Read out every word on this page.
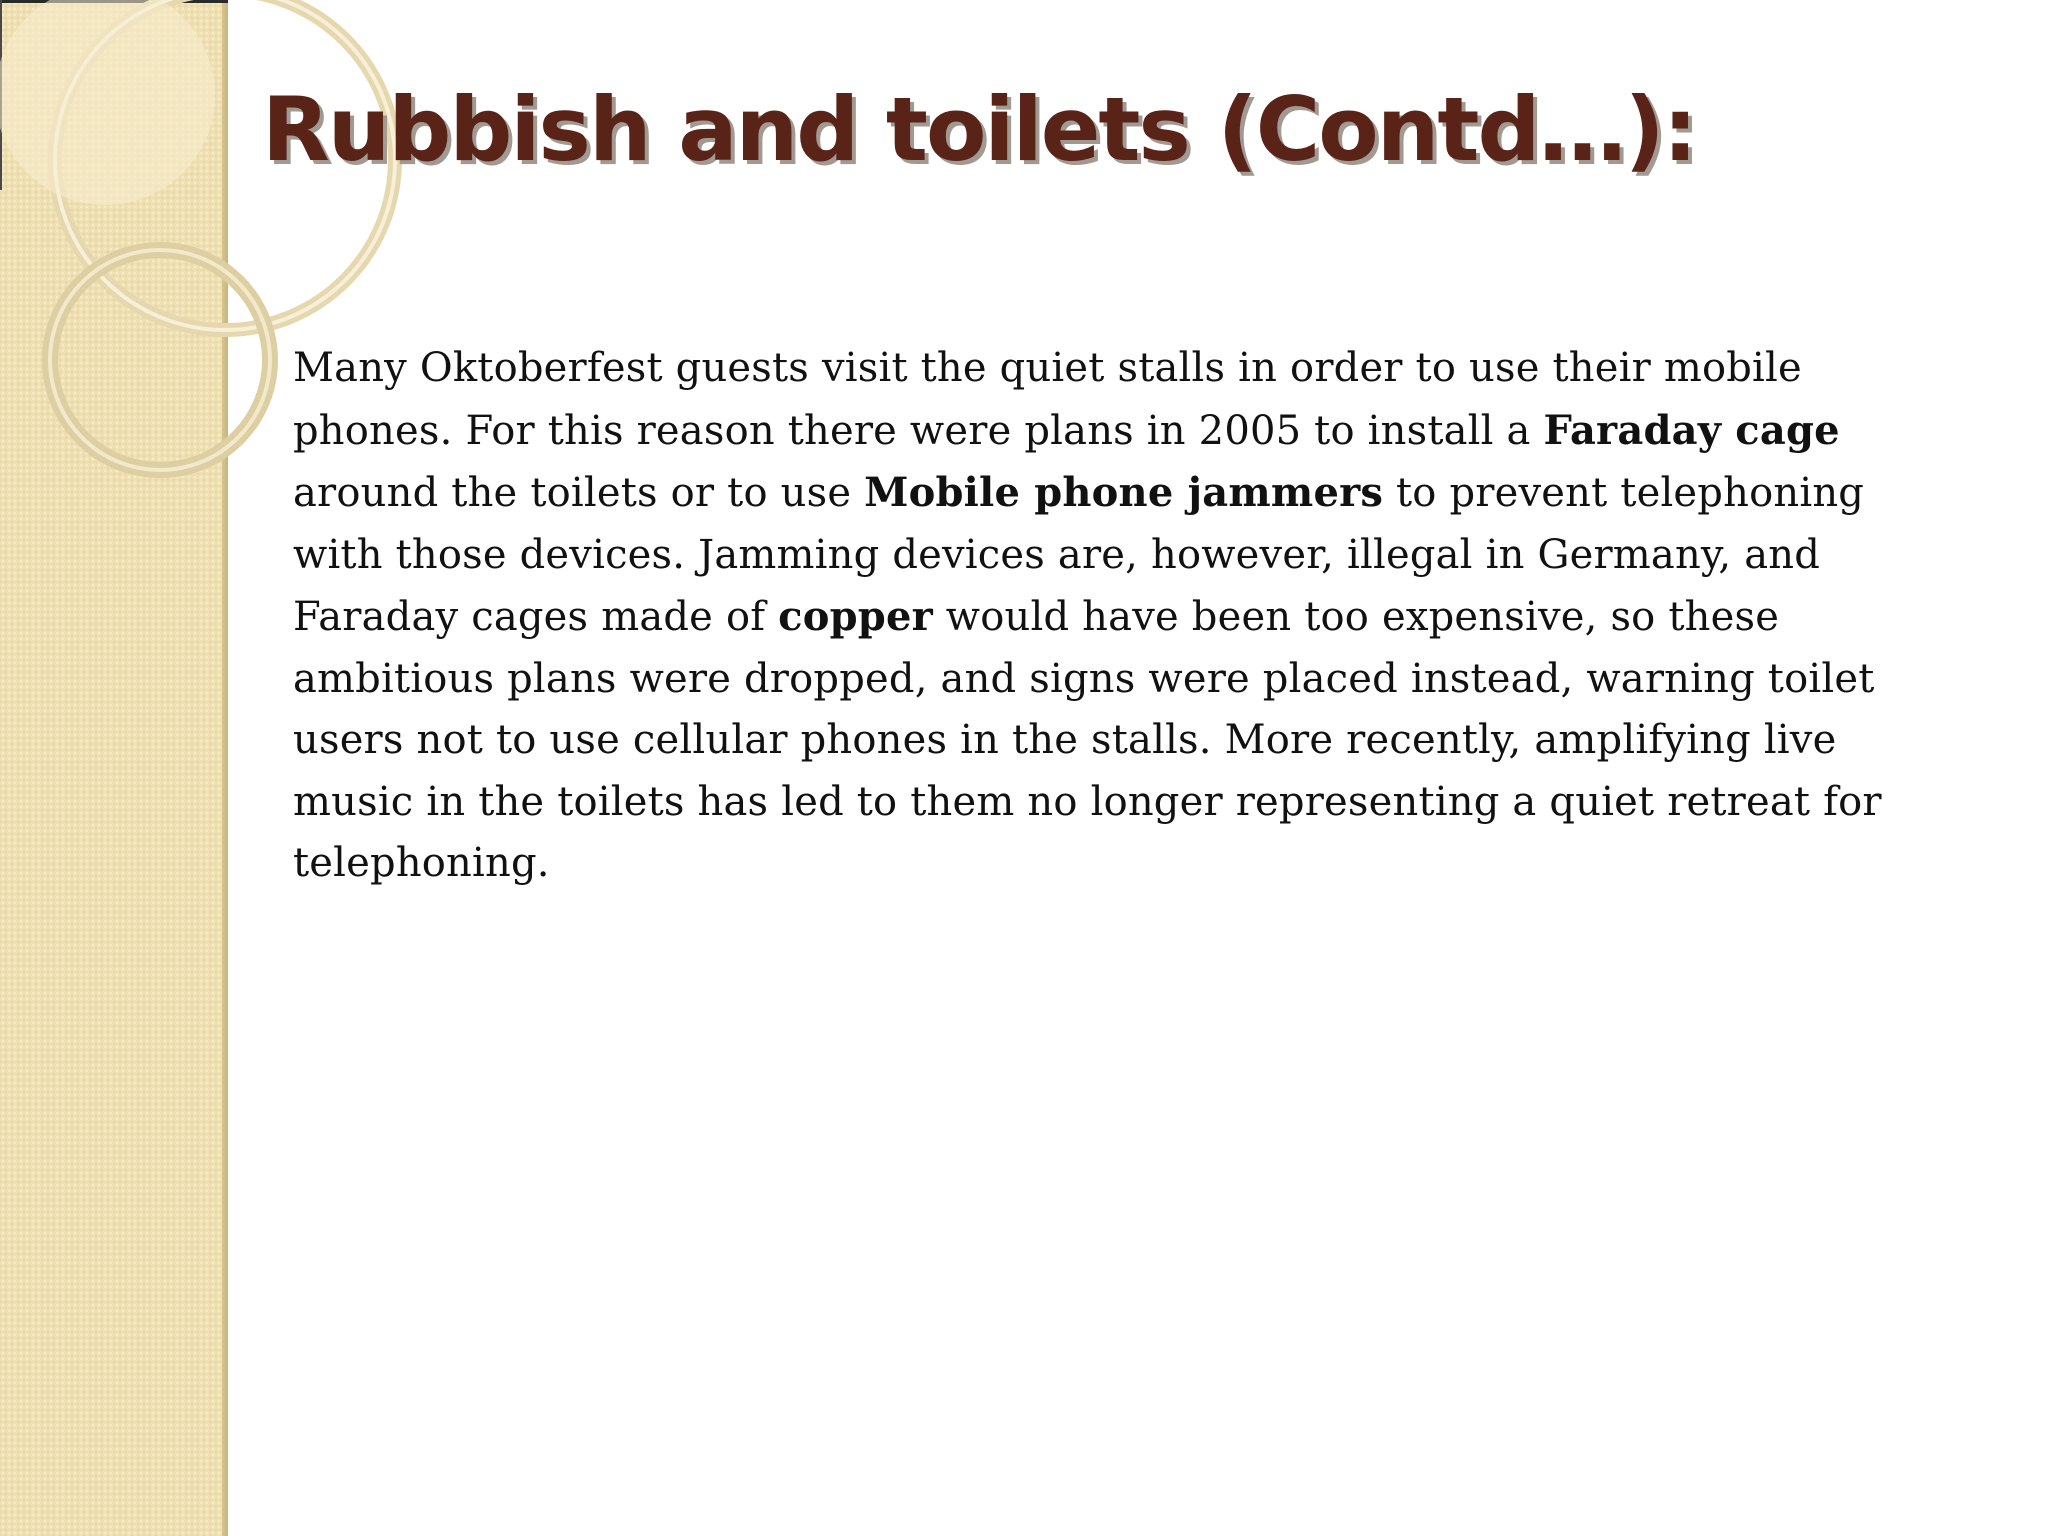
Rubbish and toilets (Contd…):

Many Oktoberfest guests visit the quiet stalls in order to use their mobile phones. For this reason there were plans in 2005 to install a Faraday cage around the toilets or to use Mobile phone jammers to prevent telephoning with those devices. Jamming devices are, however, illegal in Germany, and Faraday cages made of copper would have been too expensive, so these ambitious plans were dropped, and signs were placed instead, warning toilet users not to use cellular phones in the stalls. More recently, amplifying live music in the toilets has led to them no longer representing a quiet retreat for telephoning.
